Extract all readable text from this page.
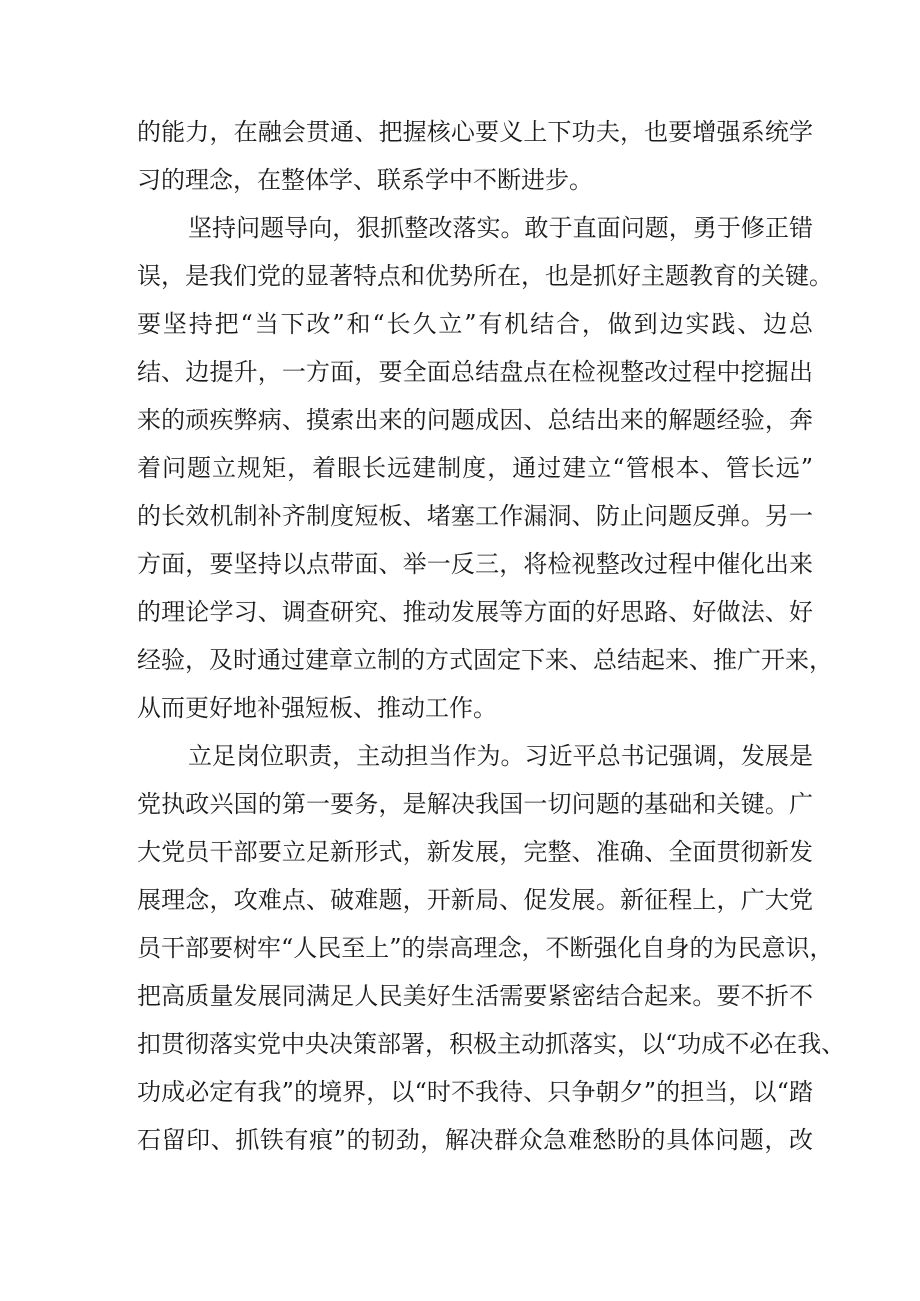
的能力，在融会贯通、把握核心要义上下功夫，也要增强系统学
习的理念，在整体学、联系学中不断进步。
坚持问题导向，狠抓整改落实。敢于直面问题，勇于修正错
误，是我们党的显著特点和优势所在，也是抓好主题教育的关键。
要坚持把“当下改”和“长久立”有机结合，做到边实践、边总
结、边提升，一方面，要全面总结盘点在检视整改过程中挖掘出
来的顽疾弊病、摸索出来的问题成因、总结出来的解题经验，奔
着问题立规矩，着眼长远建制度，通过建立“管根本、管长远”
的长效机制补齐制度短板、堵塞工作漏洞、防止问题反弹。另一
方面，要坚持以点带面、举一反三，将检视整改过程中催化出来
的理论学习、调查研究、推动发展等方面的好思路、好做法、好
经验，及时通过建章立制的方式固定下来、总结起来、推广开来，
从而更好地补强短板、推动工作。
立足岗位职责，主动担当作为。习近平总书记强调，发展是
党执政兴国的第一要务，是解决我国一切问题的基础和关键。广
大党员干部要立足新形式，新发展，完整、准确、全面贯彻新发
展理念，攻难点、破难题，开新局、促发展。新征程上，广大党
员干部要树牢“人民至上”的崇高理念，不断强化自身的为民意识，
把高质量发展同满足人民美好生活需要紧密结合起来。要不折不
扣贯彻落实党中央决策部署，积极主动抓落实，以“功成不必在我、
功成必定有我”的境界，以“时不我待、只争朝夕”的担当，以“踏
石留印、抓铁有痕”的韧劲，解决群众急难愁盼的具体问题，改
